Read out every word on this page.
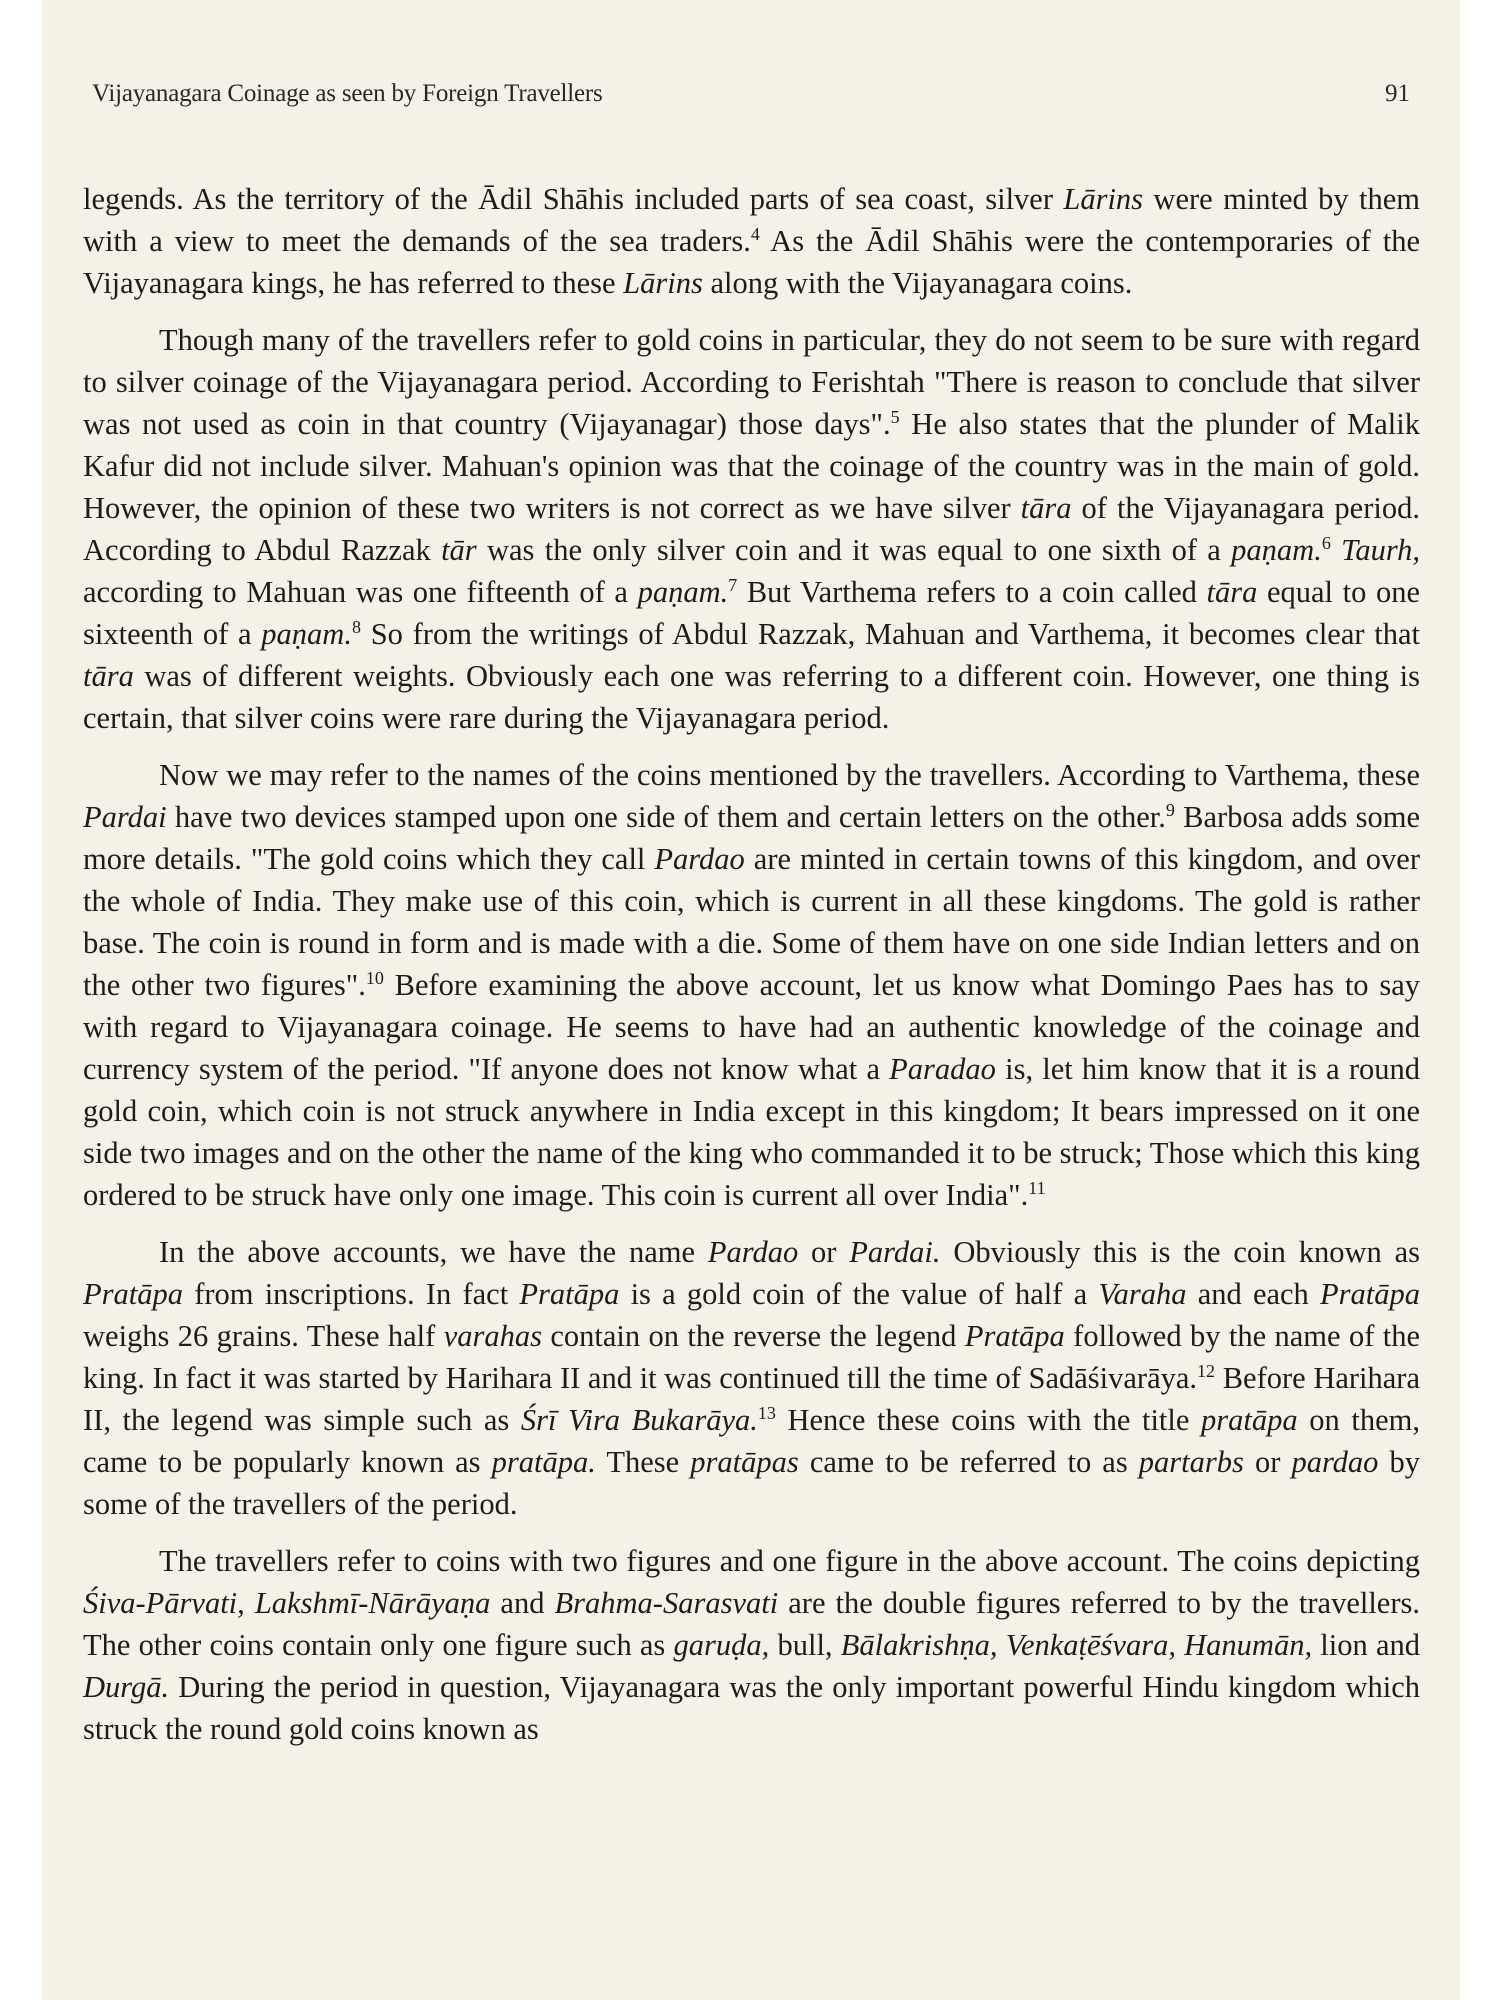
Vijayanagara Coinage as seen by Foreign Travellers	91

legends. As the territory of the Ādil Shāhis included parts of sea coast, silver Lārins were minted by them with a view to meet the demands of the sea traders.$^4$ As the Ādil Shāhis were the contemporaries of the Vijayanagara kings, he has referred to these Lārins along with the Vijayanagara coins.

Though many of the travellers refer to gold coins in particular, they do not seem to be sure with regard to silver coinage of the Vijayanagara period. According to Ferishtah "There is reason to conclude that silver was not used as coin in that country (Vijayanagar) those days".$^5$ He also states that the plunder of Malik Kafur did not include silver. Mahuan's opinion was that the coinage of the country was in the main of gold. However, the opinion of these two writers is not correct as we have silver tāra of the Vijayanagara period. According to Abdul Razzak tār was the only silver coin and it was equal to one sixth of a paṇam.$^6$ Taurh, according to Mahuan was one fifteenth of a paṇam.$^7$ But Varthema refers to a coin called tāra equal to one sixteenth of a paṇam.$^8$ So from the writings of Abdul Razzak, Mahuan and Varthema, it becomes clear that tāra was of different weights. Obviously each one was referring to a different coin. However, one thing is certain, that silver coins were rare during the Vijayanagara period.

Now we may refer to the names of the coins mentioned by the travellers. According to Varthema, these Pardai have two devices stamped upon one side of them and certain letters on the other.$^9$ Barbosa adds some more details. "The gold coins which they call Pardao are minted in certain towns of this kingdom, and over the whole of India. They make use of this coin, which is current in all these kingdoms. The gold is rather base. The coin is round in form and is made with a die. Some of them have on one side Indian letters and on the other two figures".$^{10}$ Before examining the above account, let us know what Domingo Paes has to say with regard to Vijayanagara coinage. He seems to have had an authentic knowledge of the coinage and currency system of the period. "If anyone does not know what a Paradao is, let him know that it is a round gold coin, which coin is not struck anywhere in India except in this kingdom; It bears impressed on it one side two images and on the other the name of the king who commanded it to be struck; Those which this king ordered to be struck have only one image. This coin is current all over India".$^{11}$

In the above accounts, we have the name Pardao or Pardai. Obviously this is the coin known as Pratāpa from inscriptions. In fact Pratāpa is a gold coin of the value of half a Varaha and each Pratāpa weighs 26 grains. These half varahas contain on the reverse the legend Pratāpa followed by the name of the king. In fact it was started by Harihara II and it was continued till the time of Sadāśivarāya.$^{12}$ Before Harihara II, the legend was simple such as Śrī Vira Bukarāya.$^{13}$ Hence these coins with the title pratāpa on them, came to be popularly known as pratāpa. These pratāpas came to be referred to as partarbs or pardao by some of the travellers of the period.

The travellers refer to coins with two figures and one figure in the above account. The coins depicting Śiva-Pārvati, Lakshmī-Nārāyaṇa and Brahma-Sarasvati are the double figures referred to by the travellers. The other coins contain only one figure such as garuḍa, bull, Bālakrishṇa, Venkaṭēśvara, Hanumān, lion and Durgā. During the period in question, Vijayanagara was the only important powerful Hindu kingdom which struck the round gold coins known as
